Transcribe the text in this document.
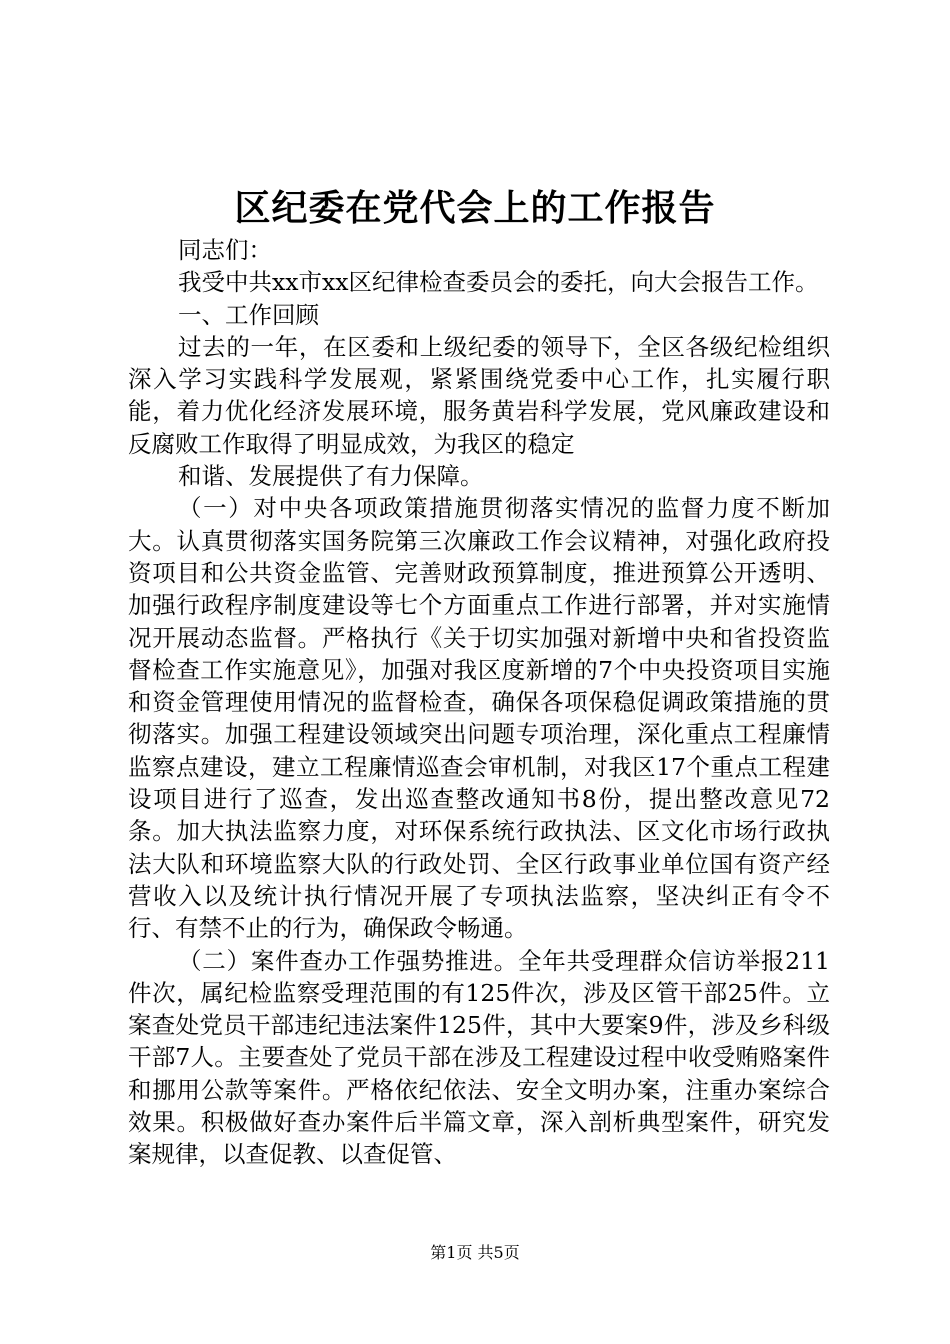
区纪委在党代会上的工作报告

同志们：

我受中共xx市xx区纪律检查委员会的委托，向大会报告工作。

一、工作回顾

过去的一年，在区委和上级纪委的领导下，全区各级纪检组织深入学习实践科学发展观，紧紧围绕党委中心工作，扎实履行职能，着力优化经济发展环境，服务黄岩科学发展，党风廉政建设和反腐败工作取得了明显成效，为我区的稳定

和谐、发展提供了有力保障。

（一）对中央各项政策措施贯彻落实情况的监督力度不断加大。认真贯彻落实国务院第三次廉政工作会议精神，对强化政府投资项目和公共资金监管、完善财政预算制度，推进预算公开透明、加强行政程序制度建设等七个方面重点工作进行部署，并对实施情况开展动态监督。严格执行《关于切实加强对新增中央和省投资监督检查工作实施意见》，加强对我区度新增的7个中央投资项目实施和资金管理使用情况的监督检查，确保各项保稳促调政策措施的贯彻落实。加强工程建设领域突出问题专项治理，深化重点工程廉情监察点建设，建立工程廉情巡查会审机制，对我区17个重点工程建设项目进行了巡查，发出巡查整改通知书8份，提出整改意见72条。加大执法监察力度，对环保系统行政执法、区文化市场行政执法大队和环境监察大队的行政处罚、全区行政事业单位国有资产经营收入以及统计执行情况开展了专项执法监察，坚决纠正有令不行、有禁不止的行为，确保政令畅通。

（二）案件查办工作强势推进。全年共受理群众信访举报211件次，属纪检监察受理范围的有125件次，涉及区管干部25件。立案查处党员干部违纪违法案件125件，其中大要案9件，涉及乡科级干部7人。主要查处了党员干部在涉及工程建设过程中收受贿赂案件和挪用公款等案件。严格依纪依法、安全文明办案，注重办案综合效果。积极做好查办案件后半篇文章，深入剖析典型案件，研究发案规律，以查促教、以查促管、

第1页 共5页
